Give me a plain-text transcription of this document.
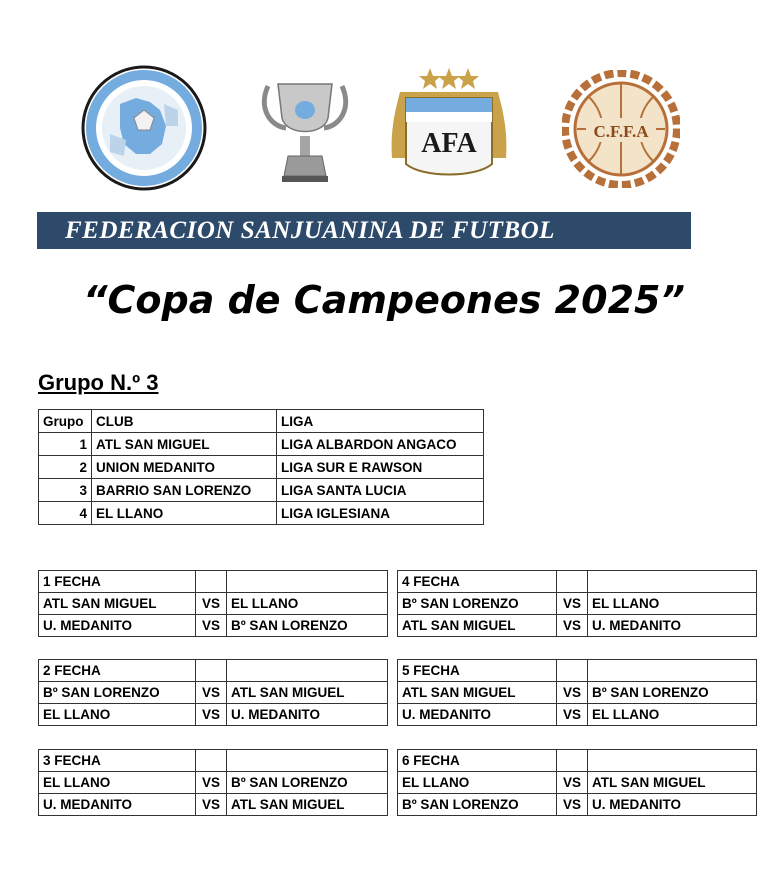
AFA	C.F.F.A
FEDERACION SANJUANINA DE FUTBOL
“Copa de Campeones 2025”
Grupo N.º 3
Grupo	CLUB	LIGA
1	ATL SAN MIGUEL	LIGA ALBARDON ANGACO
2	UNION MEDANITO	LIGA SUR E RAWSON
3	BARRIO SAN LORENZO	LIGA SANTA LUCIA
4	EL LLANO	LIGA IGLESIANA
1 FECHA		
ATL SAN MIGUEL	VS	EL LLANO
U. MEDANITO	VS	Bº SAN LORENZO
2 FECHA		
Bº SAN LORENZO	VS	ATL SAN MIGUEL
EL LLANO	VS	U. MEDANITO
3 FECHA		
EL LLANO	VS	Bº SAN LORENZO
U. MEDANITO	VS	ATL SAN MIGUEL
4 FECHA		
Bº SAN LORENZO	VS	EL LLANO
ATL SAN MIGUEL	VS	U. MEDANITO
5 FECHA		
ATL SAN MIGUEL	VS	Bº SAN LORENZO
U. MEDANITO	VS	EL LLANO
6 FECHA		
EL LLANO	VS	ATL SAN MIGUEL
Bº SAN LORENZO	VS	U. MEDANITO
